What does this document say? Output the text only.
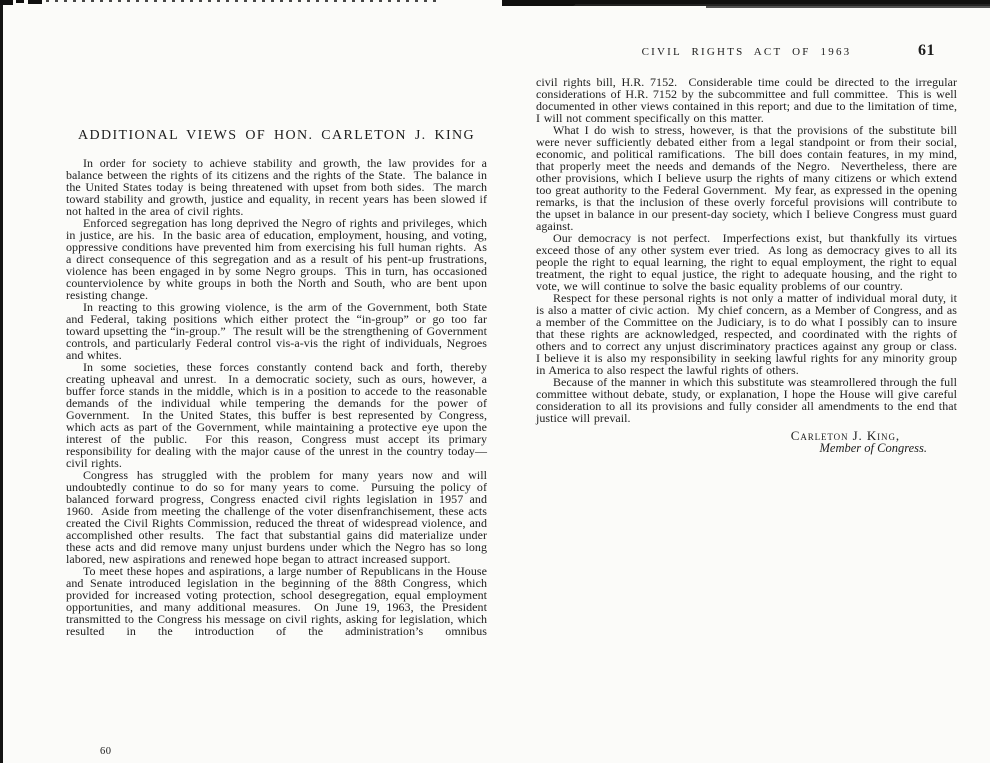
ADDITIONAL VIEWS OF HON. CARLETON J. KING

In order for society to achieve stability and growth, the law provides for a balance between the rights of its citizens and the rights of the State.  The balance in the United States today is being threatened with upset from both sides.  The march toward stability and growth, justice and equality, in recent years has been slowed if not halted in the area of civil rights.

Enforced segregation has long deprived the Negro of rights and privileges, which in justice, are his.  In the basic area of education, employment, housing, and voting, oppressive conditions have prevented him from exercising his full human rights.  As a direct consequence of this segregation and as a result of his pent-up frustrations, violence has been engaged in by some Negro groups.  This in turn, has occasioned counterviolence by white groups in both the North and South, who are bent upon resisting change.

In reacting to this growing violence, is the arm of the Government, both State and Federal, taking positions which either protect the “in-group” or go too far toward upsetting the “in-group.”  The result will be the strengthening of Government controls, and particularly Federal control vis-a-vis the right of individuals, Negroes and whites.

In some societies, these forces constantly contend back and forth, thereby creating upheaval and unrest.  In a democratic society, such as ours, however, a buffer force stands in the middle, which is in a position to accede to the reasonable demands of the individual while tempering the demands for the power of Government.  In the United States, this buffer is best represented by Congress, which acts as part of the Government, while maintaining a protective eye upon the interest of the public.  For this reason, Congress must accept its primary responsibility for dealing with the major cause of the unrest in the country today—civil rights.

Congress has struggled with the problem for many years now and will undoubtedly continue to do so for many years to come.  Pursuing the policy of balanced forward progress, Congress enacted civil rights legislation in 1957 and 1960.  Aside from meeting the challenge of the voter disenfranchisement, these acts created the Civil Rights Commission, reduced the threat of widespread violence, and accomplished other results.  The fact that substantial gains did materialize under these acts and did remove many unjust burdens under which the Negro has so long labored, new aspirations and renewed hope began to attract increased support.

To meet these hopes and aspirations, a large number of Republicans in the House and Senate introduced legislation in the beginning of the 88th Congress, which provided for increased voting protection, school desegregation, equal employment opportunities, and many additional measures.  On June 19, 1963, the President transmitted to the Congress his message on civil rights, asking for legislation, which resulted in the introduction of the administration’s omnibus

60
CIVIL RIGHTS ACT OF 1963	61

civil rights bill, H.R. 7152.  Considerable time could be directed to the irregular considerations of H.R. 7152 by the subcommittee and full committee.  This is well documented in other views contained in this report; and due to the limitation of time, I will not comment specifically on this matter.

What I do wish to stress, however, is that the provisions of the substitute bill were never sufficiently debated either from a legal standpoint or from their social, economic, and political ramifications.  The bill does contain features, in my mind, that properly meet the needs and demands of the Negro.  Nevertheless, there are other provisions, which I believe usurp the rights of many citizens or which extend too great authority to the Federal Government.  My fear, as expressed in the opening remarks, is that the inclusion of these overly forceful provisions will contribute to the upset in balance in our present-day society, which I believe Congress must guard against.

Our democracy is not perfect.  Imperfections exist, but thankfully its virtues exceed those of any other system ever tried.  As long as democracy gives to all its people the right to equal learning, the right to equal employment, the right to equal treatment, the right to equal justice, the right to adequate housing, and the right to vote, we will continue to solve the basic equality problems of our country.

Respect for these personal rights is not only a matter of individual moral duty, it is also a matter of civic action.  My chief concern, as a Member of Congress, and as a member of the Committee on the Judiciary, is to do what I possibly can to insure that these rights are acknowledged, respected, and coordinated with the rights of others and to correct any unjust discriminatory practices against any group or class.  I believe it is also my responsibility in seeking lawful rights for any minority group in America to also respect the lawful rights of others.

Because of the manner in which this substitute was steamrollered through the full committee without debate, study, or explanation, I hope the House will give careful consideration to all its provisions and fully consider all amendments to the end that justice will prevail.

Carleton J. King,
Member of Congress.
